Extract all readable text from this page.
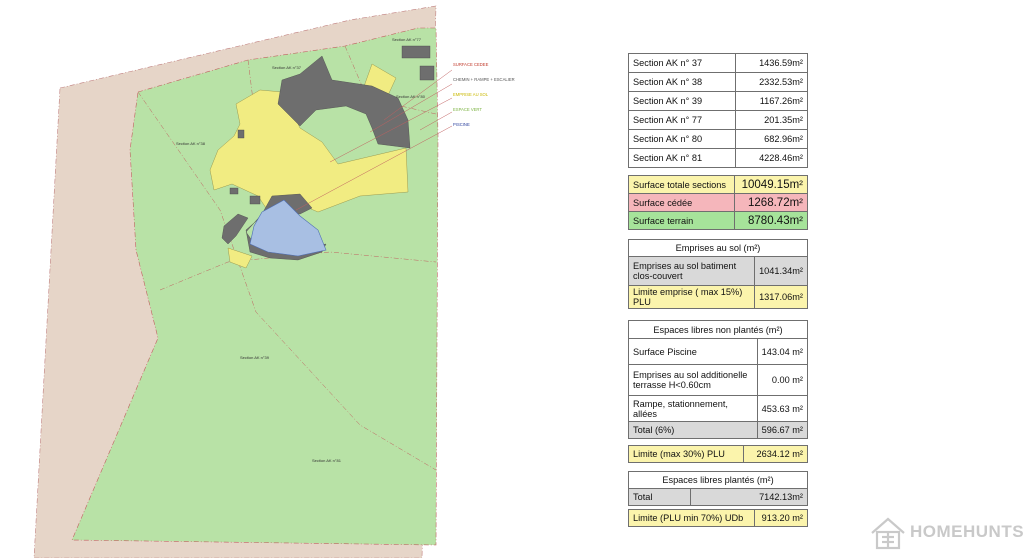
Section AK n°77
Section AK n°37
Section AK n°80
Section AK n°38
Section AK n°39
Section AK n°81
SURFACE CEDEE
CHEMIN + RAMPE + ESCALIER
EMPRISE AU SOL
ESPACE VERT
PISCINE
Section AK n° 37	1436.59m²
Section AK n° 38	2332.53m²
Section AK n° 39	1167.26m²
Section AK n° 77	201.35m²
Section AK n° 80	682.96m²
Section AK n° 81	4228.46m²
Surface totale sections	10049.15m²
Surface cédée	1268.72m²
Surface terrain	8780.43m²
Emprises au sol (m²)	
Emprises au sol batiment clos-couvert	1041.34m²
Limite emprise ( max 15%) PLU	1317.06m²
Espaces libres non plantés (m²)	
Surface Piscine	143.04 m²
Emprises au sol additionelle terrasse H<0.60cm	0.00 m²
Rampe, stationnement, allées	453.63 m²
Total (6%)	596.67 m²
Limite (max 30%) PLU	2634.12 m²
Espaces libres plantés (m²)
Total	7142.13m²
Limite (PLU min 70%) UDb	913.20 m²
HOMEHUNTS
